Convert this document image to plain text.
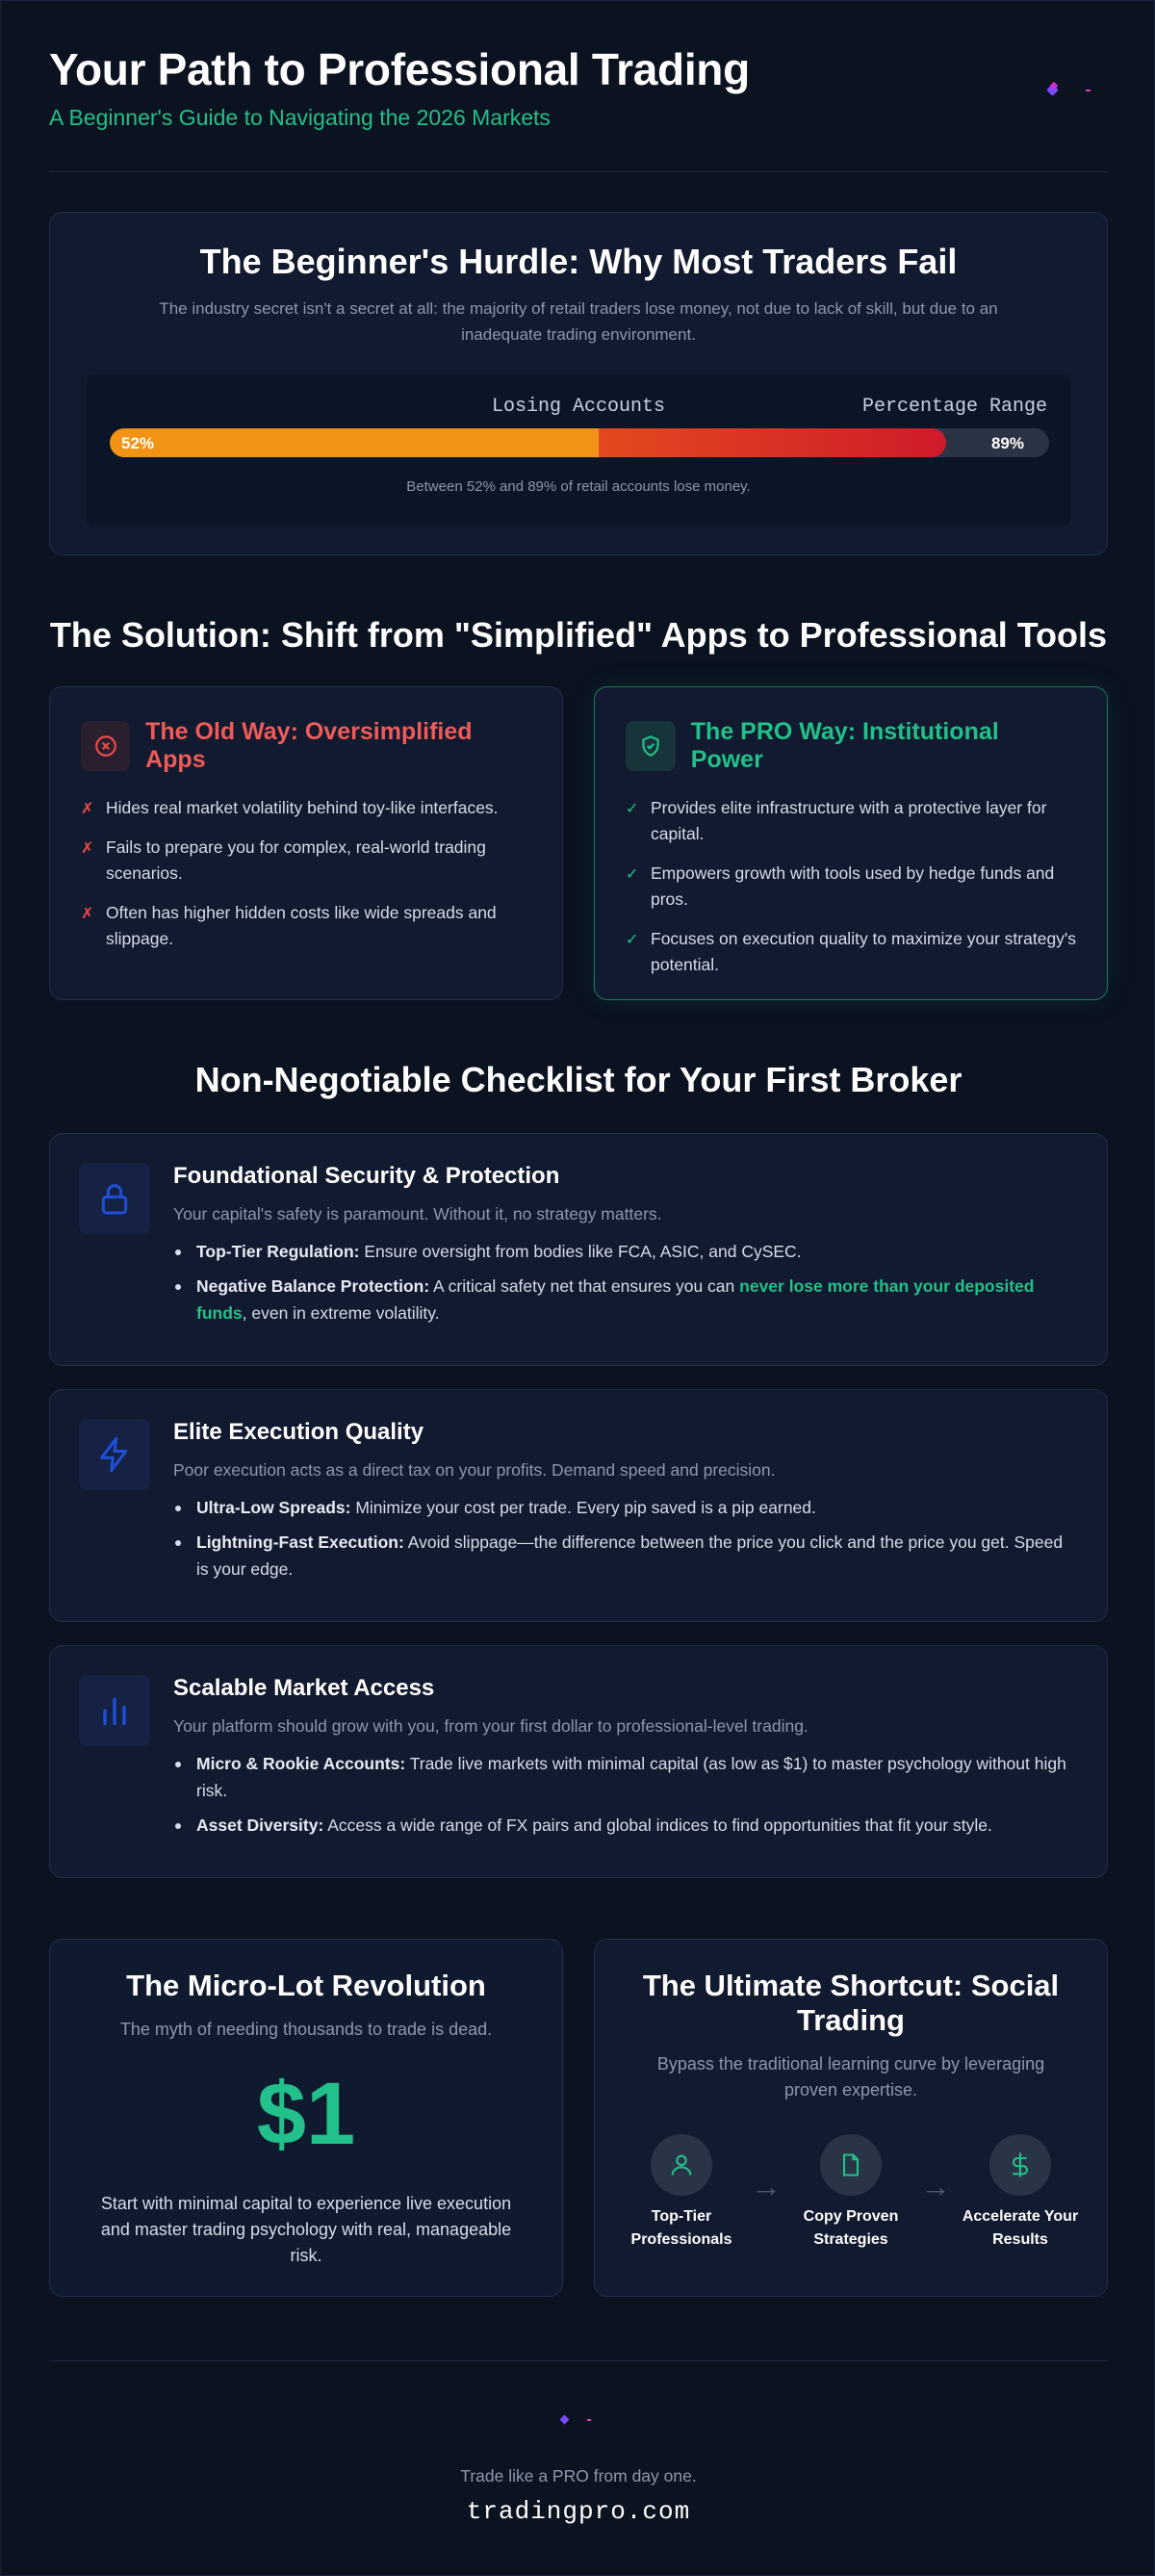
Your Path to Professional Trading
A Beginner's Guide to Navigating the 2026 Markets
The Beginner's Hurdle: Why Most Traders Fail

The industry secret isn't a secret at all: the majority of retail traders lose money, not due to lack of skill, but due to an inadequate trading environment.

Losing Accounts	Percentage Range
52%	89%
Between 52% and 89% of retail accounts lose money.
The Solution: Shift from "Simplified" Apps to Professional Tools
The Old Way: Oversimplified Apps
✗ Hides real market volatility behind toy-like interfaces.
✗ Fails to prepare you for complex, real-world trading scenarios.
✗ Often has higher hidden costs like wide spreads and slippage.
The PRO Way: Institutional Power
✓ Provides elite infrastructure with a protective layer for capital.
✓ Empowers growth with tools used by hedge funds and pros.
✓ Focuses on execution quality to maximize your strategy's potential.
Non-Negotiable Checklist for Your First Broker
Foundational Security & Protection

Your capital's safety is paramount. Without it, no strategy matters.

Top-Tier Regulation: Ensure oversight from bodies like FCA, ASIC, and CySEC.
Negative Balance Protection: A critical safety net that ensures you can never lose more than your deposited funds, even in extreme volatility.
Elite Execution Quality

Poor execution acts as a direct tax on your profits. Demand speed and precision.

Ultra-Low Spreads: Minimize your cost per trade. Every pip saved is a pip earned.
Lightning-Fast Execution: Avoid slippage—the difference between the price you click and the price you get. Speed is your edge.
Scalable Market Access

Your platform should grow with you, from your first dollar to professional-level trading.

Micro & Rookie Accounts: Trade live markets with minimal capital (as low as $1) to master psychology without high risk.
Asset Diversity: Access a wide range of FX pairs and global indices to find opportunities that fit your style.
The Micro-Lot Revolution

The myth of needing thousands to trade is dead.

$1

Start with minimal capital to experience live execution and master trading psychology with real, manageable risk.

The Ultimate Shortcut: Social Trading

Bypass the traditional learning curve by leveraging proven expertise.

Top-Tier Professionals
→
Copy Proven Strategies
→
Accelerate Your Results
Trade like a PRO from day one.
tradingpro.com
